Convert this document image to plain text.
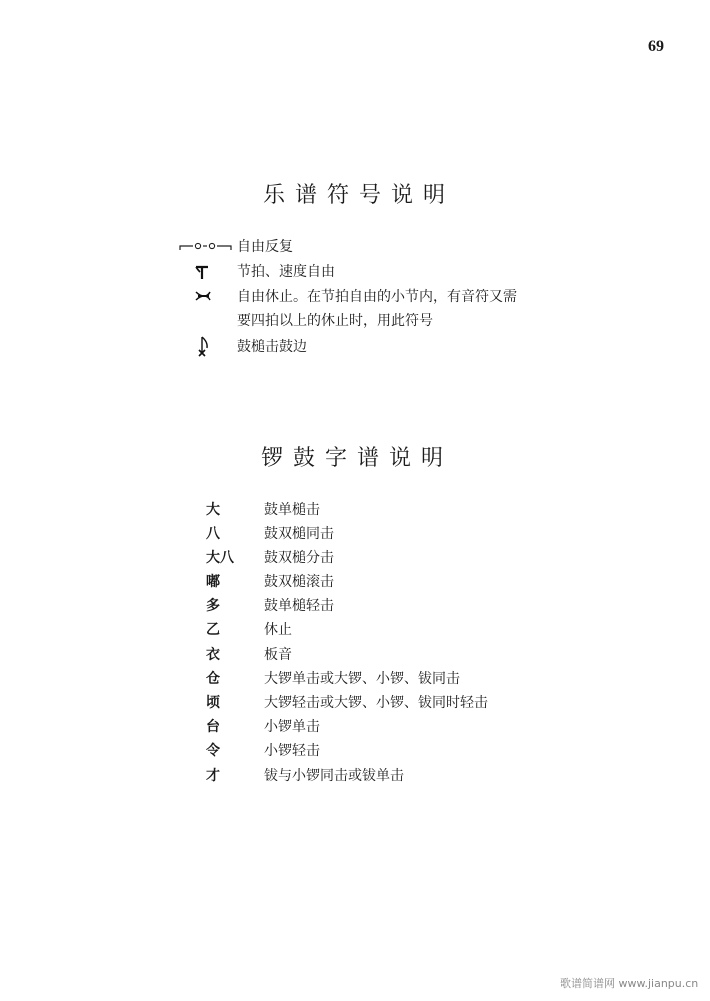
69
乐谱符号说明
自由反复
节拍、速度自由
自由休止。在节拍自由的小节内，有音符又需
要四拍以上的休止时，用此符号
鼓槌击鼓边
锣鼓字谱说明
大	鼓单槌击
八	鼓双槌同击
大八 鼓双槌分击
嘟	鼓双槌滚击
多	鼓单槌轻击
乙	休止
衣	板音
仓	大锣单击或大锣、小锣、钹同击
顷	大锣轻击或大锣、小锣、钹同时轻击
台	小锣单击
令	小锣轻击
才	钹与小锣同击或钹单击
歌谱简谱网 www.jianpu.cn
